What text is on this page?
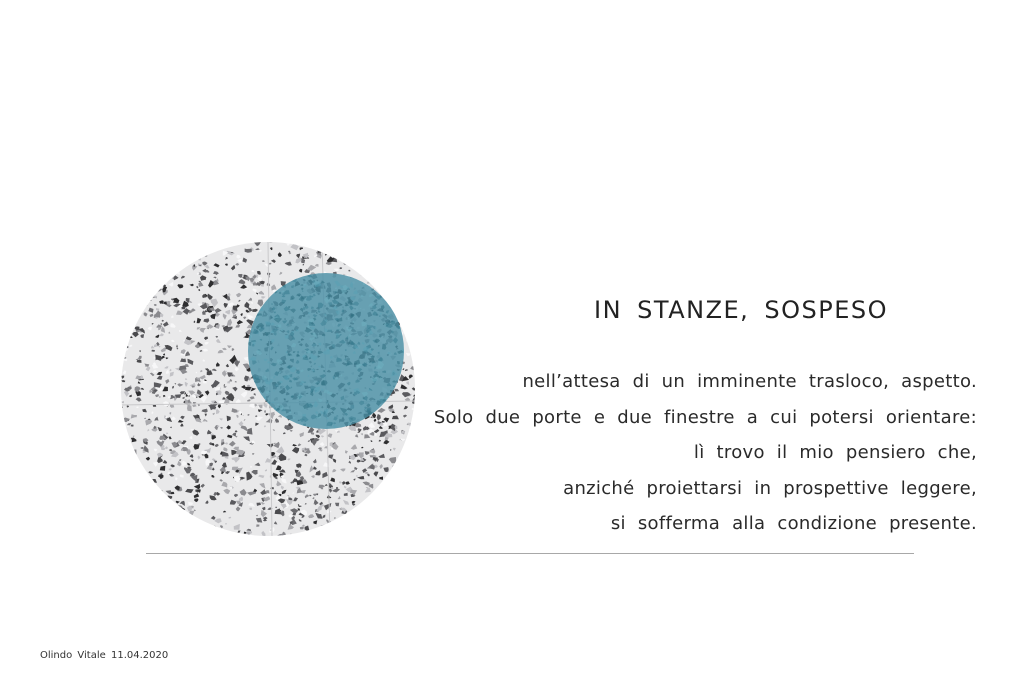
IN STANZE, SOSPESO
nell’attesa di un imminente trasloco, aspetto.
Solo due porte e due finestre a cui potersi orientare:
lì trovo il mio pensiero che,
anziché proiettarsi in prospettive leggere,
si sofferma alla condizione presente.
Olindo Vitale 11.04.2020
